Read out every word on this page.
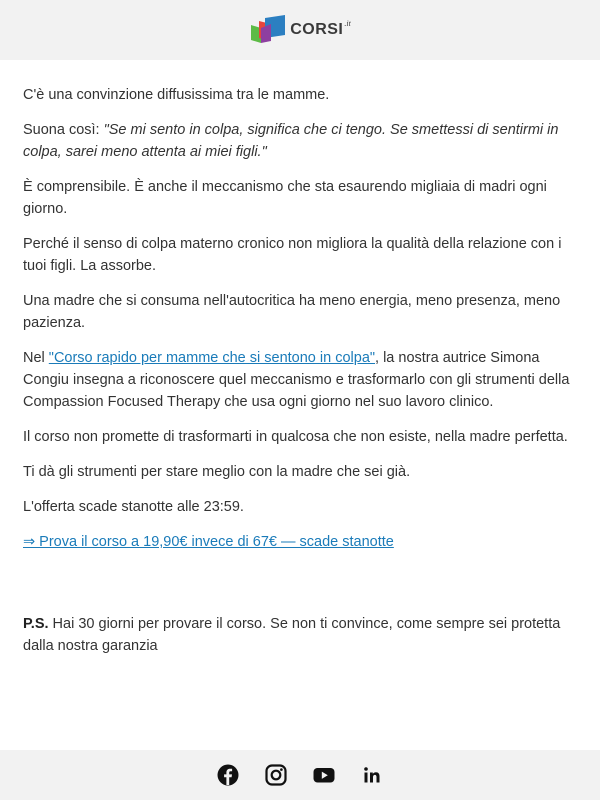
CORSI .it

C'è una convinzione diffusissima tra le mamme.

Suona così: "Se mi sento in colpa, significa che ci tengo. Se smettessi di sentirmi in colpa, sarei meno attenta ai miei figli."

È comprensibile. È anche il meccanismo che sta esaurendo migliaia di madri ogni giorno.

Perché il senso di colpa materno cronico non migliora la qualità della relazione con i tuoi figli. La assorbe.

Una madre che si consuma nell'autocritica ha meno energia, meno presenza, meno pazienza.

Nel "Corso rapido per mamme che si sentono in colpa", la nostra autrice Simona Congiu insegna a riconoscere quel meccanismo e trasformarlo con gli strumenti della Compassion Focused Therapy che usa ogni giorno nel suo lavoro clinico.

Il corso non promette di trasformarti in qualcosa che non esiste, nella madre perfetta.

Ti dà gli strumenti per stare meglio con la madre che sei già.

L'offerta scade stanotte alle 23:59.

⇒ Prova il corso a 19,90€ invece di 67€ — scade stanotte

P.S. Hai 30 giorni per provare il corso. Se non ti convince, come sempre sei protetta dalla nostra garanzia
